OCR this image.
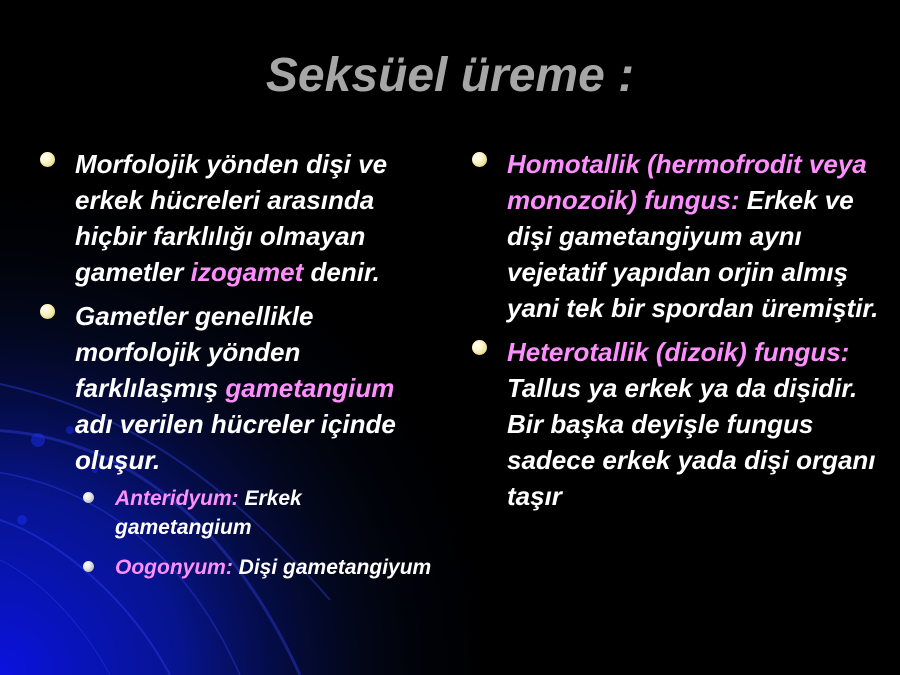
Seksüel üreme :
Morfolojik yönden dişi ve erkek hücreleri arasında hiçbir farklılığı olmayan gametler izogamet denir.
Gametler genellikle morfolojik yönden farklılaşmış gametangium adı verilen hücreler içinde oluşur.
Anteridyum: Erkek gametangium
Oogonyum: Dişi gametangiyum
Homotallik (hermofrodit veya monozoik) fungus: Erkek ve dişi gametangiyum aynı vejetatif yapıdan orjin almış yani tek bir spordan üremiştir.
Heterotallik (dizoik) fungus:  Tallus ya erkek ya da dişidir. Bir başka deyişle fungus sadece erkek yada dişi organı taşır
